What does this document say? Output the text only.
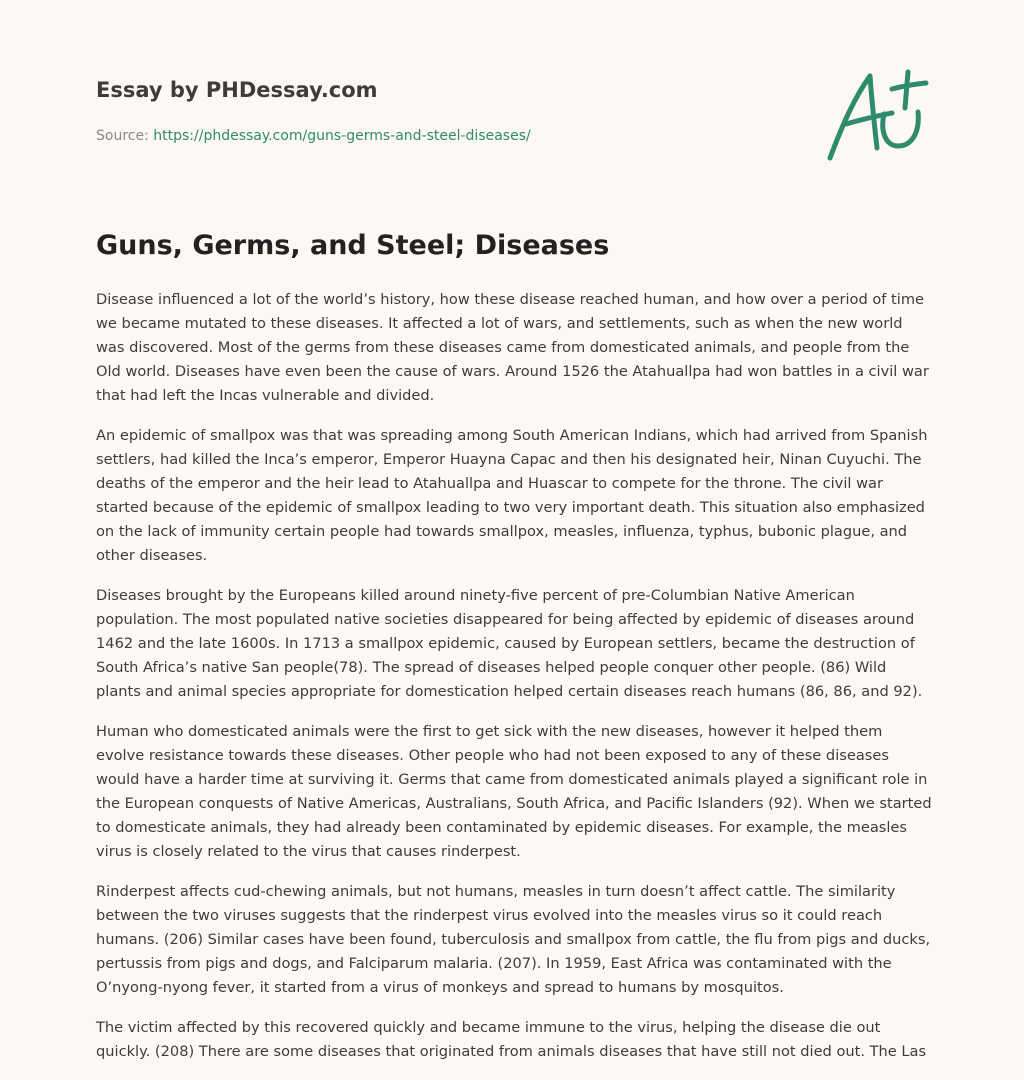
Essay by PHDessay.com
Source: https://phdessay.com/guns-germs-and-steel-diseases/
Guns, Germs, and Steel; Diseases

Disease influenced a lot of the world’s history, how these disease reached human, and how over a period of time we became mutated to these diseases. It affected a lot of wars, and settlements, such as when the new world was discovered. Most of the germs from these diseases came from domesticated animals, and people from the Old world. Diseases have even been the cause of wars. Around 1526 the Atahuallpa had won battles in a civil war that had left the Incas vulnerable and divided.

An epidemic of smallpox was that was spreading among South American Indians, which had arrived from Spanish settlers, had killed the Inca’s emperor, Emperor Huayna Capac and then his designated heir, Ninan Cuyuchi. The deaths of the emperor and the heir lead to Atahuallpa and Huascar to compete for the throne. The civil war started because of the epidemic of smallpox leading to two very important death. This situation also emphasized on the lack of immunity certain people had towards smallpox, measles, influenza, typhus, bubonic plague, and other diseases.

Diseases brought by the Europeans killed around ninety-five percent of pre-Columbian Native American population. The most populated native societies disappeared for being affected by epidemic of diseases around 1462 and the late 1600s. In 1713 a smallpox epidemic, caused by European settlers, became the destruction of South Africa’s native San people(78). The spread of diseases helped people conquer other people. (86) Wild plants and animal species appropriate for domestication helped certain diseases reach humans (86, 86, and 92).

Human who domesticated animals were the first to get sick with the new diseases, however it helped them evolve resistance towards these diseases. Other people who had not been exposed to any of these diseases would have a harder time at surviving it. Germs that came from domesticated animals played a significant role in the European conquests of Native Americas, Australians, South Africa, and Pacific Islanders (92). When we started to domesticate animals, they had already been contaminated by epidemic diseases. For example, the measles virus is closely related to the virus that causes rinderpest.

Rinderpest affects cud-chewing animals, but not humans, measles in turn doesn’t affect cattle. The similarity between the two viruses suggests that the rinderpest virus evolved into the measles virus so it could reach humans. (206) Similar cases have been found, tuberculosis and smallpox from cattle, the flu from pigs and ducks, pertussis from pigs and dogs, and Falciparum malaria. (207). In 1959, East Africa was contaminated with the O’nyong-nyong fever, it started from a virus of monkeys and spread to humans by mosquitos.

The victim affected by this recovered quickly and became immune to the virus, helping the disease die out quickly. (208) There are some diseases that originated from animals diseases that have still not died out. The Las
